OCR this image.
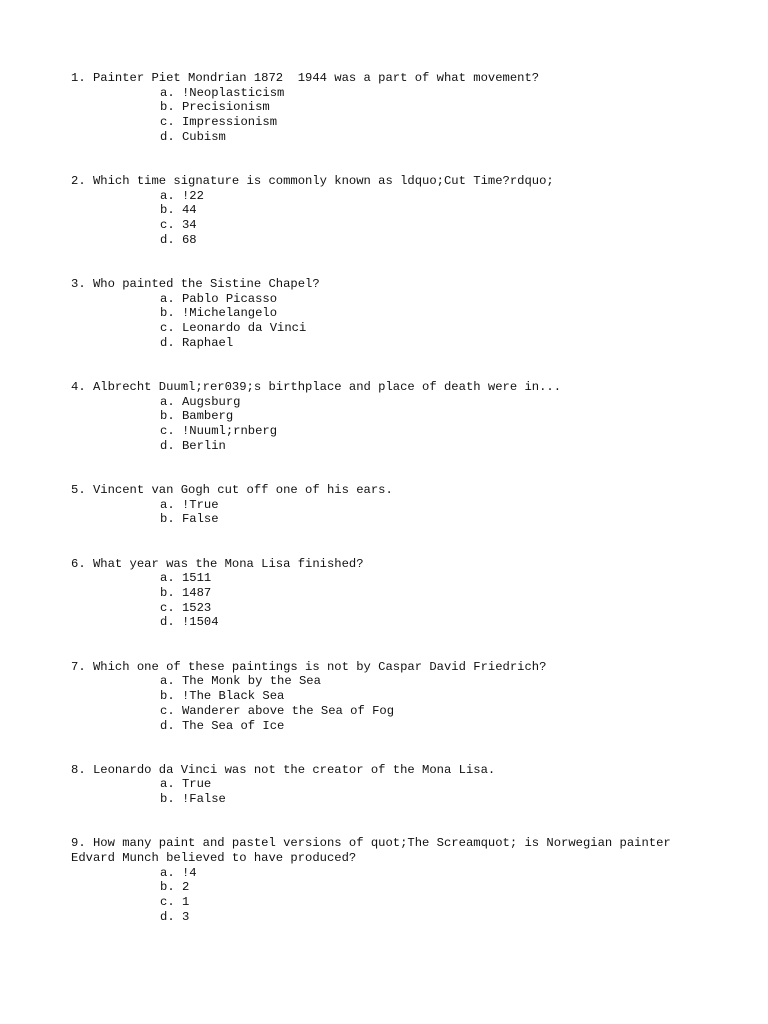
1. Painter Piet Mondrian 1872  1944 was a part of what movement?
a. !Neoplasticism
b. Precisionism
c. Impressionism
d. Cubism
2. Which time signature is commonly known as ldquo;Cut Time?rdquo;
a. !22
b. 44
c. 34
d. 68
3. Who painted the Sistine Chapel?
a. Pablo Picasso
b. !Michelangelo
c. Leonardo da Vinci
d. Raphael
4. Albrecht Duuml;rer039;s birthplace and place of death were in...
a. Augsburg
b. Bamberg
c. !Nuuml;rnberg
d. Berlin
5. Vincent van Gogh cut off one of his ears.
a. !True
b. False
6. What year was the Mona Lisa finished?
a. 1511
b. 1487
c. 1523
d. !1504
7. Which one of these paintings is not by Caspar David Friedrich?
a. The Monk by the Sea
b. !The Black Sea
c. Wanderer above the Sea of Fog
d. The Sea of Ice
8. Leonardo da Vinci was not the creator of the Mona Lisa.
a. True
b. !False
9. How many paint and pastel versions of quot;The Screamquot; is Norwegian painter Edvard Munch believed to have produced?
a. !4
b. 2
c. 1
d. 3
